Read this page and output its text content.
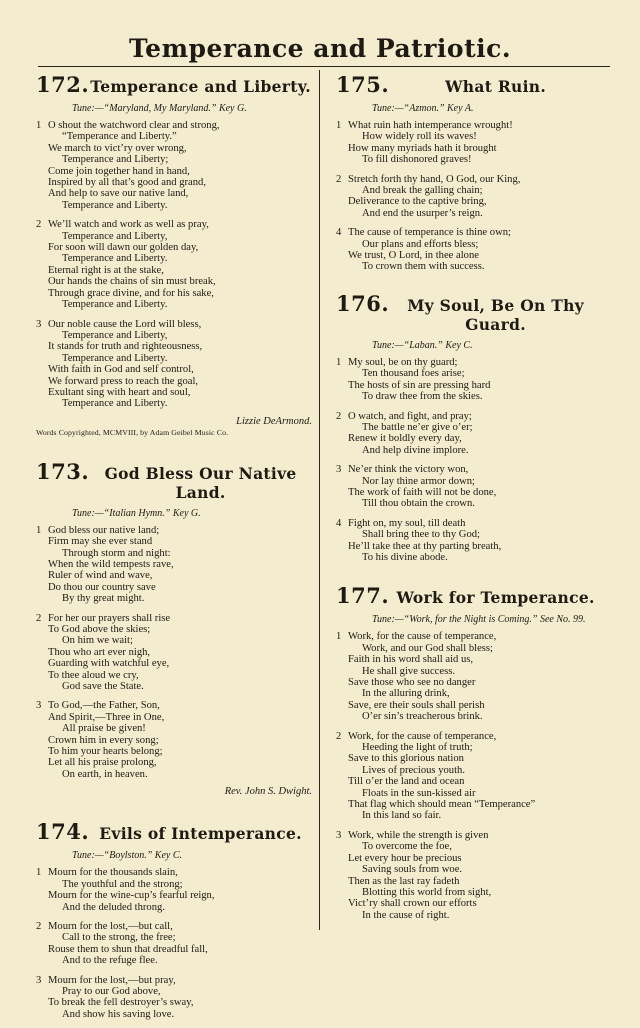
Temperance and Patriotic.
172. Temperance and Liberty.
Tune:—“Maryland, My Maryland.” Key G.
1 O shout the watchword clear and strong,
“Temperance and Liberty.”
We march to vict’ry over wrong,
Temperance and Liberty;
Come join together hand in hand,
Inspired by all that’s good and grand,
And help to save our native land,
Temperance and Liberty.
2 We’ll watch and work as well as pray,
Temperance and Liberty,
For soon will dawn our golden day,
Temperance and Liberty.
Eternal right is at the stake,
Our hands the chains of sin must break,
Through grace divine, and for his sake,
Temperance and Liberty.
3 Our noble cause the Lord will bless,
Temperance and Liberty,
It stands for truth and righteousness,
Temperance and Liberty.
With faith in God and self control,
We forward press to reach the goal,
Exultant sing with heart and soul,
Temperance and Liberty.
Lizzie DeArmond.
Words Copyrighted, MCMVIII, by Adam Geibel Music Co.
173. God Bless Our Native Land.
Tune:—“Italian Hymn.” Key G.
1 God bless our native land;
Firm may she ever stand
Through storm and night:
When the wild tempests rave,
Ruler of wind and wave,
Do thou our country save
By thy great might.
2 For her our prayers shall rise
To God above the skies;
On him we wait;
Thou who art ever nigh,
Guarding with watchful eye,
To thee aloud we cry,
God save the State.
3 To God,—the Father, Son,
And Spirit,—Three in One,
All praise be given!
Crown him in every song;
To him your hearts belong;
Let all his praise prolong,
On earth, in heaven.
Rev. John S. Dwight.
174. Evils of Intemperance.
Tune:—“Boylston.” Key C.
1 Mourn for the thousands slain,
The youthful and the strong;
Mourn for the wine-cup’s fearful reign,
And the deluded throng.
2 Mourn for the lost,—but call,
Call to the strong, the free;
Rouse them to shun that dreadful fall,
And to the refuge flee.
3 Mourn for the lost,—but pray,
Pray to our God above,
To break the fell destroyer’s sway,
And show his saving love.
175.	What Ruin.
Tune:—“Azmon.” Key A.
1 What ruin hath intemperance wrought!
How widely roll its waves!
How many myriads hath it brought
To fill dishonored graves!
2 Stretch forth thy hand, O God, our King,
And break the galling chain;
Deliverance to the captive bring,
And end the usurper’s reign.
4 The cause of temperance is thine own;
Our plans and efforts bless;
We trust, O Lord, in thee alone
To crown them with success.
176.	My Soul, Be On Thy Guard.
Tune:—“Laban.” Key C.
1 My soul, be on thy guard;
Ten thousand foes arise;
The hosts of sin are pressing hard
To draw thee from the skies.
2 O watch, and fight, and pray;
The battle ne’er give o’er;
Renew it boldly every day,
And help divine implore.
3 Ne’er think the victory won,
Nor lay thine armor down;
The work of faith will not be done,
Till thou obtain the crown.
4 Fight on, my soul, till death
Shall bring thee to thy God;
He’ll take thee at thy parting breath,
To his divine abode.
177. Work for Temperance.
Tune:—“Work, for the Night is Coming.” See No. 99.
1 Work, for the cause of temperance,
Work, and our God shall bless;
Faith in his word shall aid us,
He shall give success.
Save those who see no danger
In the alluring drink,
Save, ere their souls shall perish
O’er sin’s treacherous brink.
2 Work, for the cause of temperance,
Heeding the light of truth;
Save to this glorious nation
Lives of precious youth.
Till o’er the land and ocean
Floats in the sun-kissed air
That flag which should mean “Temperance”
In this land so fair.
3 Work, while the strength is given
To overcome the foe,
Let every hour be precious
Saving souls from woe.
Then as the last ray fadeth
Blotting this world from sight,
Vict’ry shall crown our efforts
In the cause of right.
